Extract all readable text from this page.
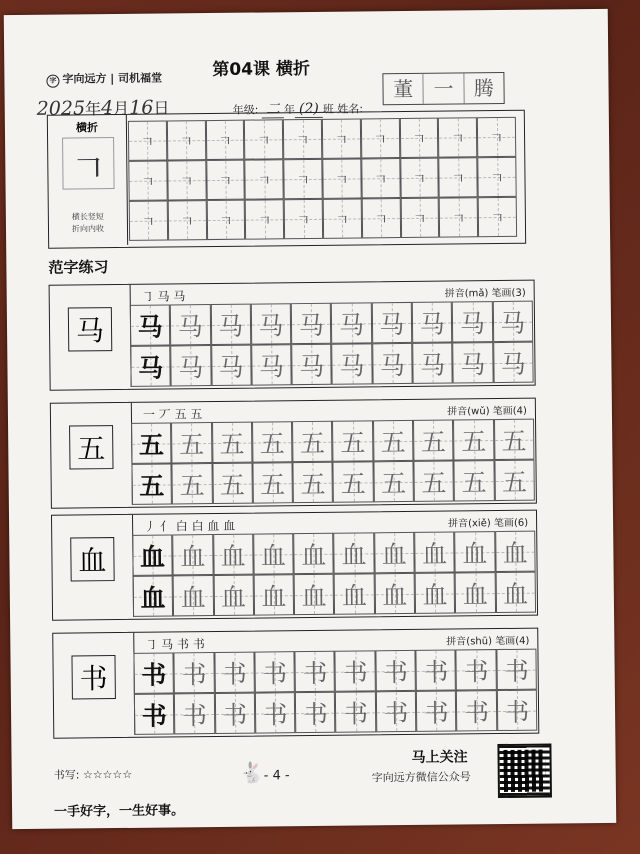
字 字向远方 | 司机福堂	第04课 横折
2025年4月16日	年级: 二 年 (2) 班 姓名:
董	一	腾
横折
𠃍
横长竖短
折向内收
𠃍	𠃍	𠃍	𠃍	𠃍	𠃍	𠃍	𠃍	𠃍	𠃍
𠃍	𠃍	𠃍	𠃍	𠃍	𠃍	𠃍	𠃍	𠃍	𠃍
𠃍	𠃍	𠃍	𠃍	𠃍	𠃍	𠃍	𠃍	𠃍	𠃍
范字练习
马
㇆ 马 马	拼音(mǎ) 笔画(3)
马 马 马 马 马 马 马 马 马 马
马 马 马 马 马 马 马 马 马 马
五
一 丆 五 五	拼音(wǔ) 笔画(4)
五 五 五 五 五 五 五 五 五 五
五 五 五 五 五 五 五 五 五 五
血
丿 亻 白 白 血 血	拼音(xiě) 笔画(6)
血 血 血 血 血 血 血 血 血 血
血 血 血 血 血 血 血 血 血 血
书
㇆ 马 书 书	拼音(shū) 笔画(4)
书 书 书 书 书 书 书 书 书 书
书 书 书 书 书 书 书 书 书 书
书写: ☆☆☆☆☆
一手好字，一生好事。
🐇
- 4 -
马上关注
字向远方微信公众号
